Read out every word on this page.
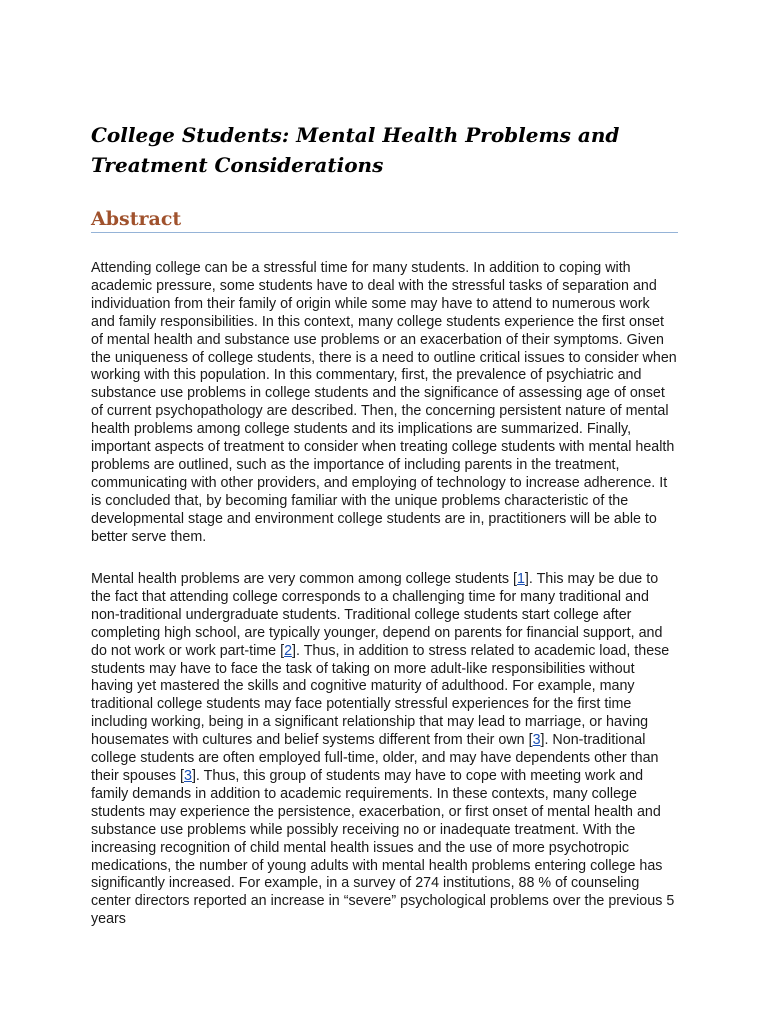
College Students: Mental Health Problems and Treatment Considerations
Abstract

Attending college can be a stressful time for many students. In addition to coping with academic pressure, some students have to deal with the stressful tasks of separation and individuation from their family of origin while some may have to attend to numerous work and family responsibilities. In this context, many college students experience the first onset of mental health and substance use problems or an exacerbation of their symptoms. Given the uniqueness of college students, there is a need to outline critical issues to consider when working with this population. In this commentary, first, the prevalence of psychiatric and substance use problems in college students and the significance of assessing age of onset of current psychopathology are described. Then, the concerning persistent nature of mental health problems among college students and its implications are summarized. Finally, important aspects of treatment to consider when treating college students with mental health problems are outlined, such as the importance of including parents in the treatment, communicating with other providers, and employing of technology to increase adherence. It is concluded that, by becoming familiar with the unique problems characteristic of the developmental stage and environment college students are in, practitioners will be able to better serve them.

Mental health problems are very common among college students [1]. This may be due to the fact that attending college corresponds to a challenging time for many traditional and non-traditional undergraduate students. Traditional college students start college after completing high school, are typically younger, depend on parents for financial support, and do not work or work part-time [2]. Thus, in addition to stress related to academic load, these students may have to face the task of taking on more adult-like responsibilities without having yet mastered the skills and cognitive maturity of adulthood. For example, many traditional college students may face potentially stressful experiences for the first time including working, being in a significant relationship that may lead to marriage, or having housemates with cultures and belief systems different from their own [3]. Non-traditional college students are often employed full-time, older, and may have dependents other than their spouses [3]. Thus, this group of students may have to cope with meeting work and family demands in addition to academic requirements. In these contexts, many college students may experience the persistence, exacerbation, or first onset of mental health and substance use problems while possibly receiving no or inadequate treatment. With the increasing recognition of child mental health issues and the use of more psychotropic medications, the number of young adults with mental health problems entering college has significantly increased. For example, in a survey of 274 institutions, 88 % of counseling center directors reported an increase in “severe” psychological problems over the previous 5 years
